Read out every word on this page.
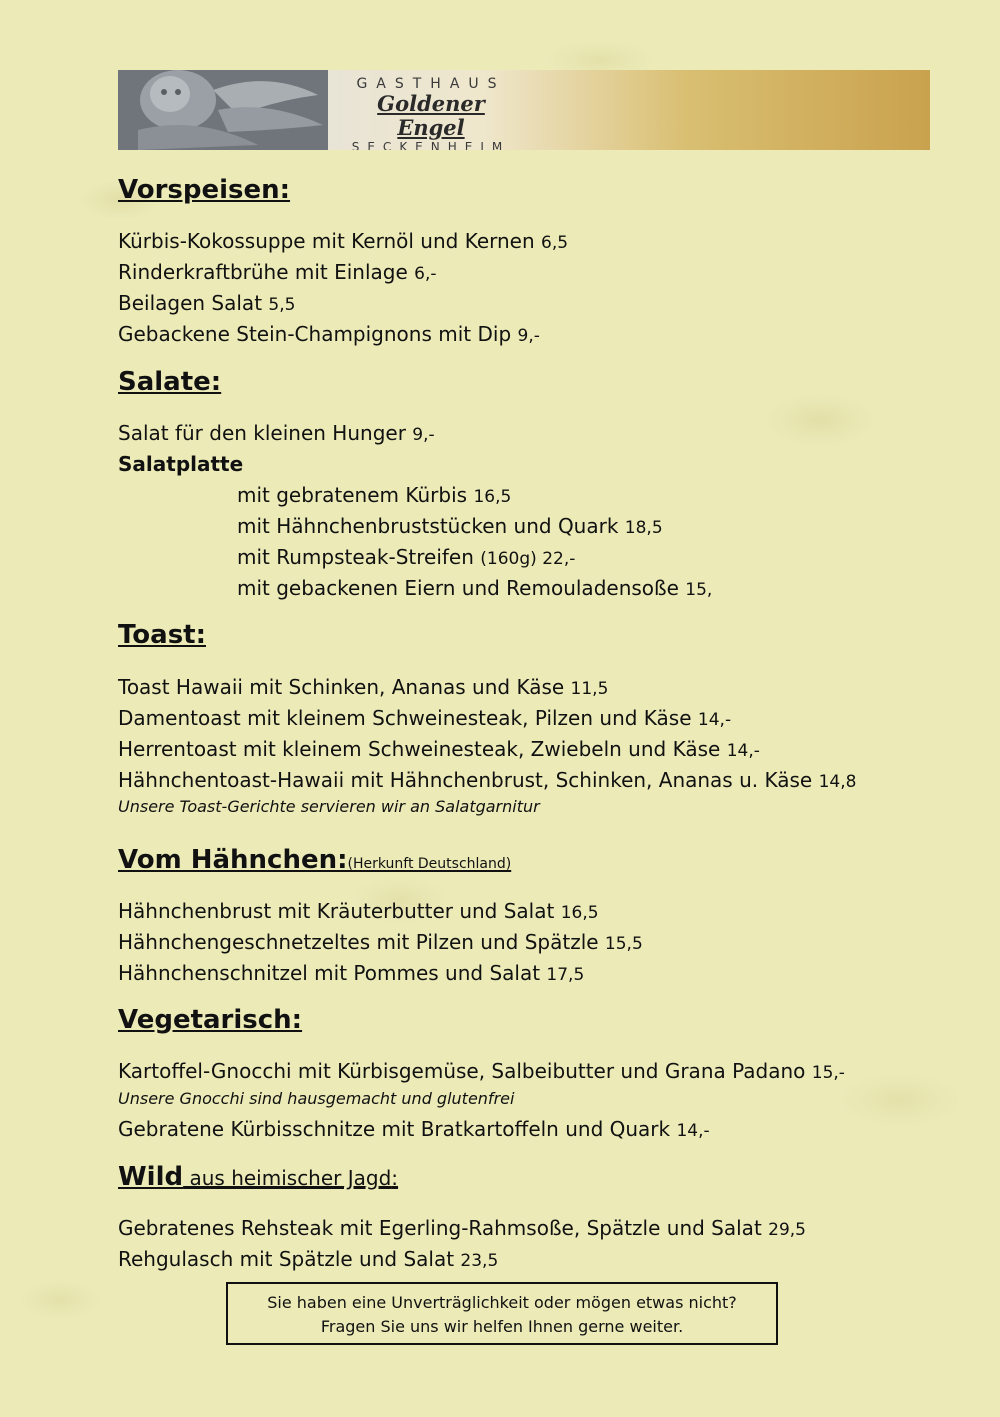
GASTHAUS
Goldener Engel
SECKENHEIM
Vorspeisen:
Kürbis-Kokossuppe mit Kernöl und Kernen 6,5
Rinderkraftbrühe mit Einlage 6,-
Beilagen Salat 5,5
Gebackene Stein-Champignons mit Dip 9,-
Salate:
Salat für den kleinen Hunger 9,-
Salatplatte
mit gebratenem Kürbis 16,5
mit Hähnchenbruststücken und Quark 18,5
mit Rumpsteak-Streifen (160g) 22,-
mit gebackenen Eiern und Remouladensoße 15,
Toast:
Toast Hawaii mit Schinken, Ananas und Käse 11,5
Damentoast mit kleinem Schweinesteak, Pilzen und Käse 14,-
Herrentoast mit kleinem Schweinesteak, Zwiebeln und Käse 14,-
Hähnchentoast-Hawaii mit Hähnchenbrust, Schinken, Ananas u. Käse 14,8
Unsere Toast-Gerichte servieren wir an Salatgarnitur
Vom Hähnchen:(Herkunft Deutschland)
Hähnchenbrust mit Kräuterbutter und Salat 16,5
Hähnchengeschnetzeltes mit Pilzen und Spätzle 15,5
Hähnchenschnitzel mit Pommes und Salat 17,5
Vegetarisch:
Kartoffel-Gnocchi mit Kürbisgemüse, Salbeibutter und Grana Padano 15,-
Unsere Gnocchi sind hausgemacht und glutenfrei
Gebratene Kürbisschnitze mit Bratkartoffeln und Quark 14,-
Wild aus heimischer Jagd:
Gebratenes Rehsteak mit Egerling-Rahmsoße, Spätzle und Salat 29,5
Rehgulasch mit Spätzle und Salat 23,5
Sie haben eine Unverträglichkeit oder mögen etwas nicht?
Fragen Sie uns wir helfen Ihnen gerne weiter.
